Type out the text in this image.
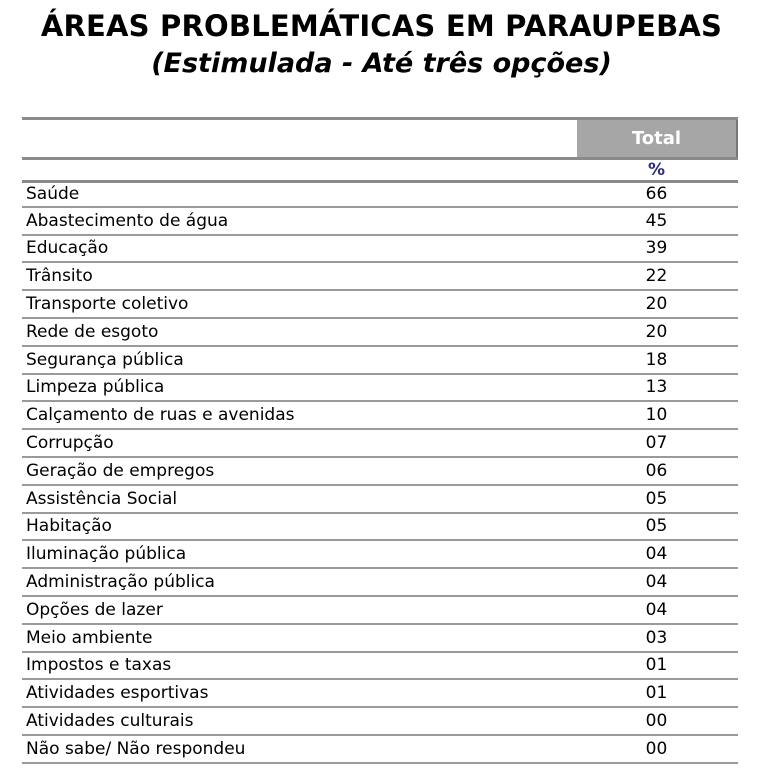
ÁREAS PROBLEMÁTICAS EM PARAUPEBAS
(Estimulada - Até três opções)
Total
%
Saúde	66
Abastecimento de água	45
Educação	39
Trânsito	22
Transporte coletivo	20
Rede de esgoto	20
Segurança pública	18
Limpeza pública	13
Calçamento de ruas e avenidas	10
Corrupção	07
Geração de empregos	06
Assistência Social	05
Habitação	05
Iluminação pública	04
Administração pública	04
Opções de lazer	04
Meio ambiente	03
Impostos e taxas	01
Atividades esportivas	01
Atividades culturais	00
Não sabe/ Não respondeu	00
